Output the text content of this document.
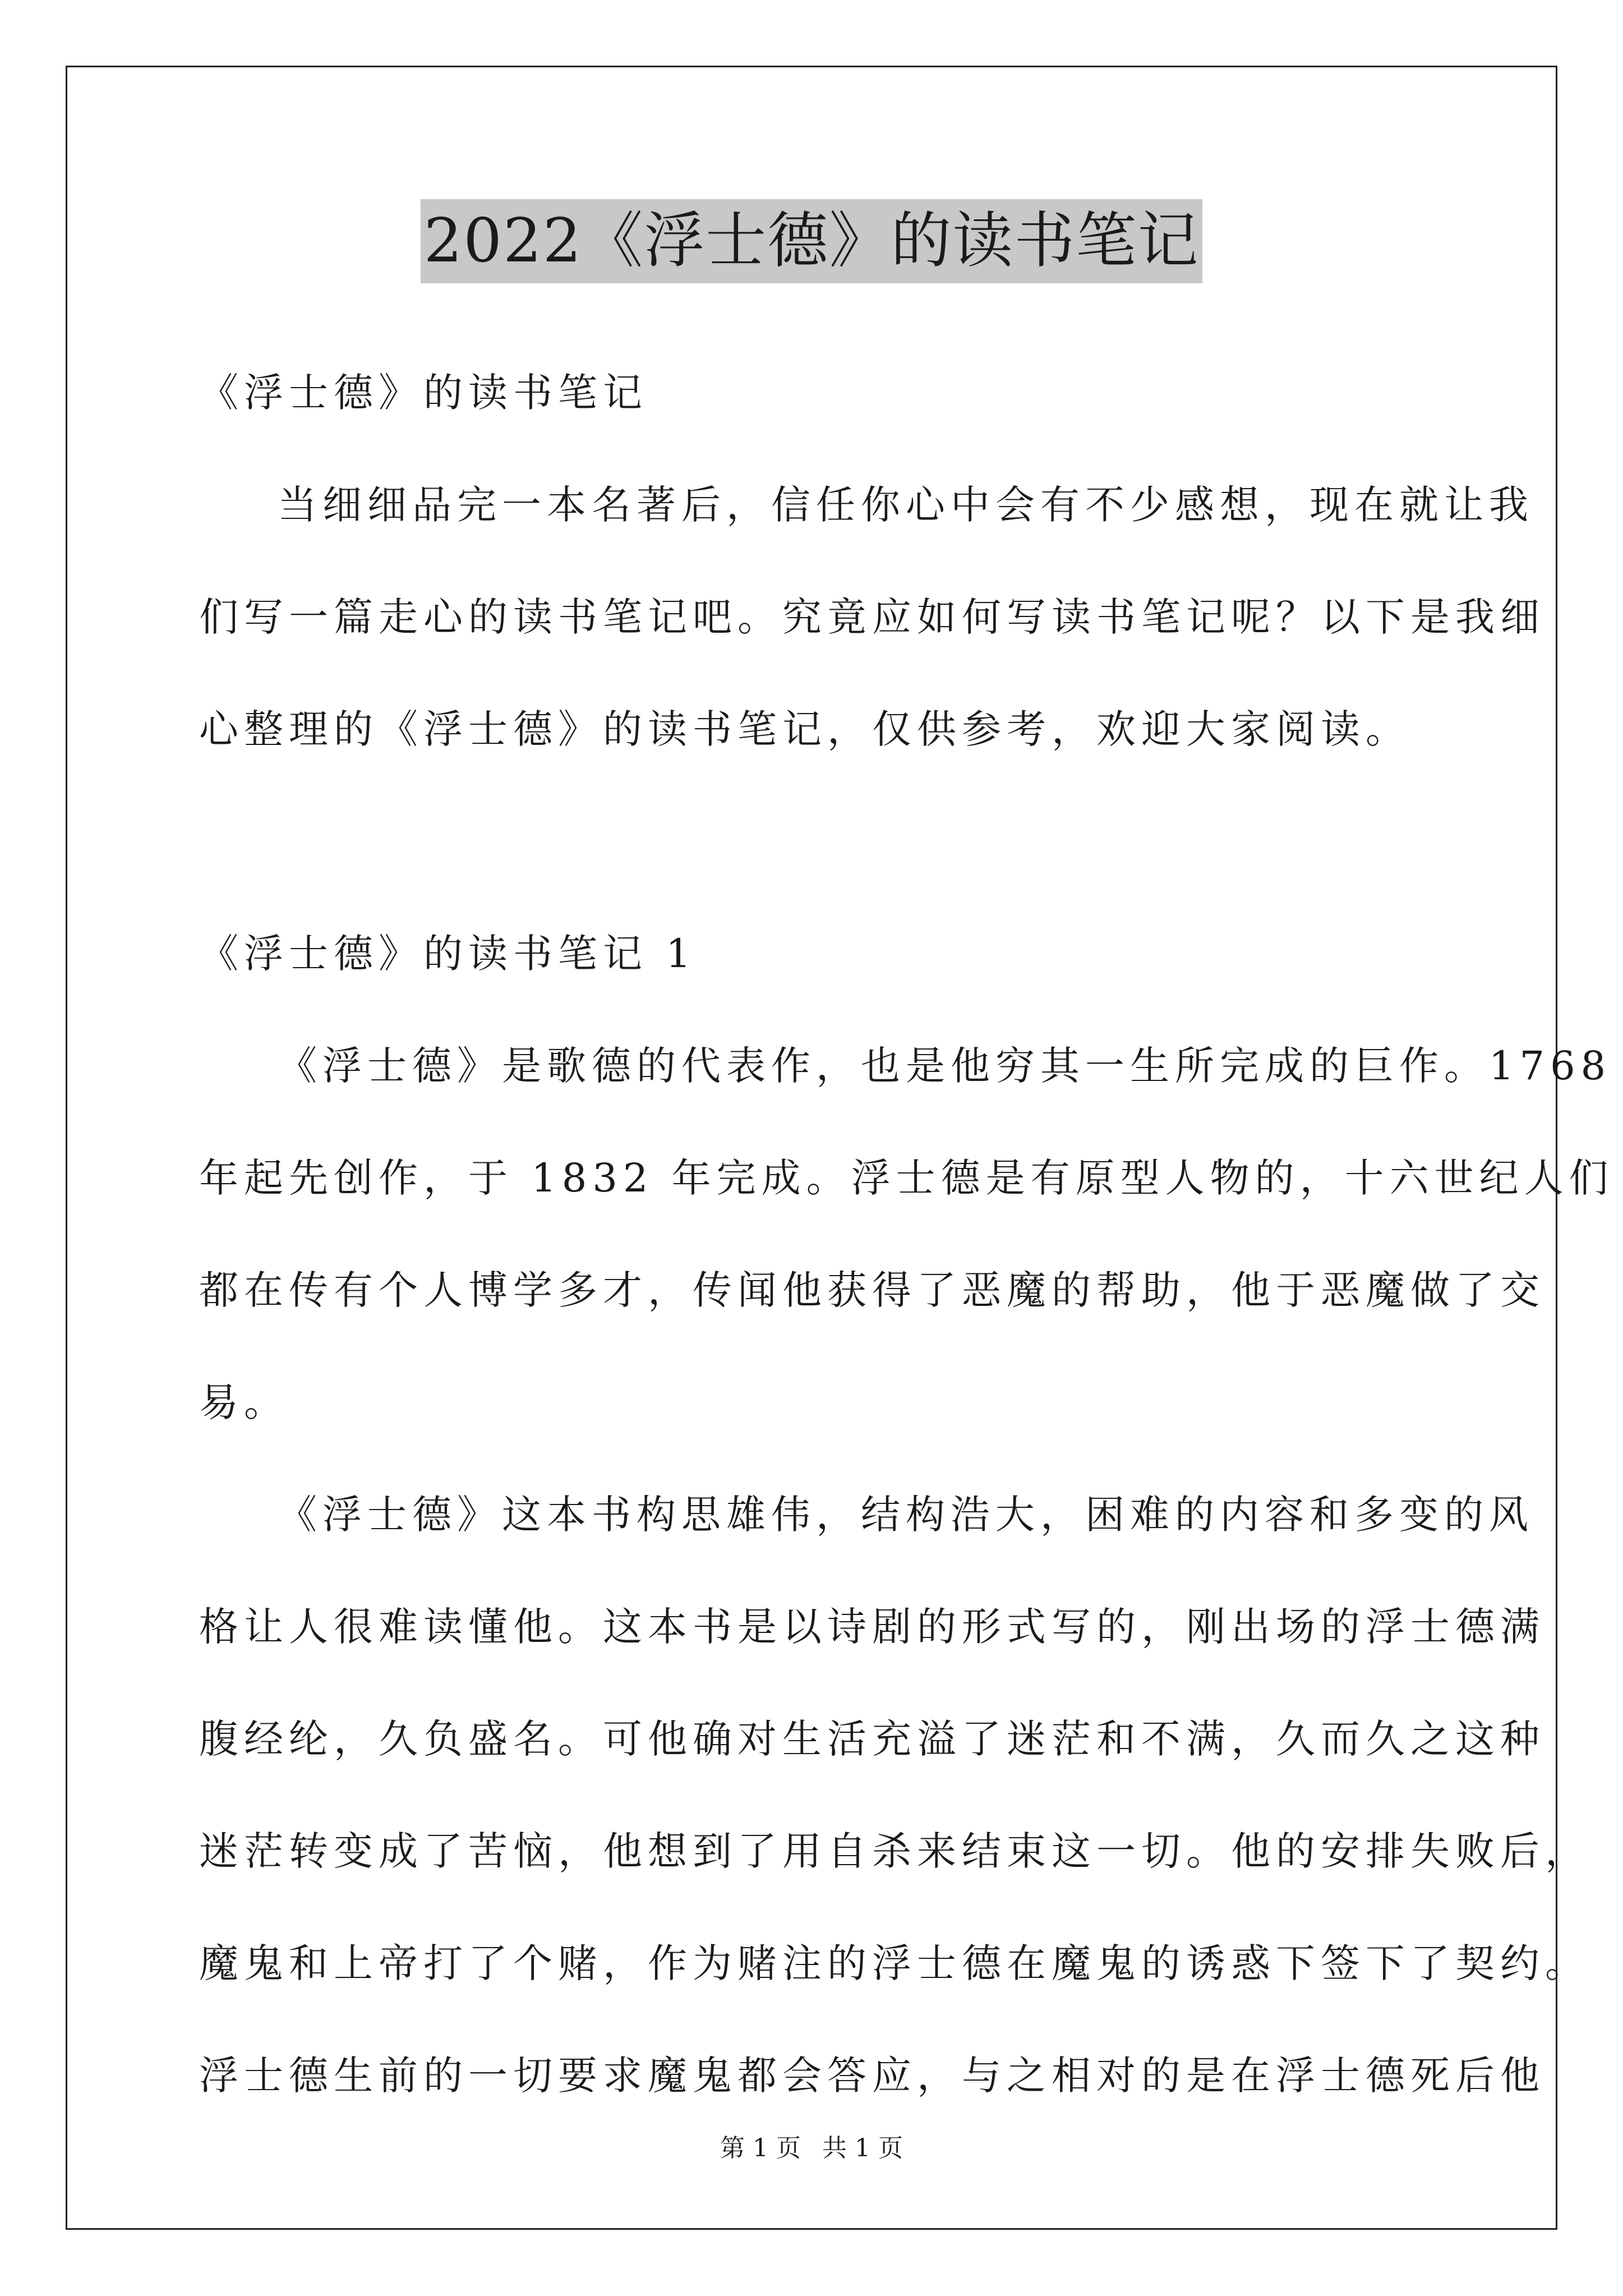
2022《浮士德》的读书笔记
《浮士德》的读书笔记
当细细品完一本名著后，信任你心中会有不少感想，现在就让我
们写一篇走心的读书笔记吧。究竟应如何写读书笔记呢？以下是我细
心整理的《浮士德》的读书笔记，仅供参考，欢迎大家阅读。
《浮士德》的读书笔记 1
《浮士德》是歌德的代表作，也是他穷其一生所完成的巨作。1768
年起先创作，于 1832 年完成。浮士德是有原型人物的，十六世纪人们
都在传有个人博学多才，传闻他获得了恶魔的帮助，他于恶魔做了交
易。
《浮士德》这本书构思雄伟，结构浩大，困难的内容和多变的风
格让人很难读懂他。这本书是以诗剧的形式写的，刚出场的浮士德满
腹经纶，久负盛名。可他确对生活充溢了迷茫和不满，久而久之这种
迷茫转变成了苦恼，他想到了用自杀来结束这一切。他的安排失败后，
魔鬼和上帝打了个赌，作为赌注的浮士德在魔鬼的诱惑下签下了契约。
浮士德生前的一切要求魔鬼都会答应，与之相对的是在浮士德死后他
第 1 页 共 1 页
